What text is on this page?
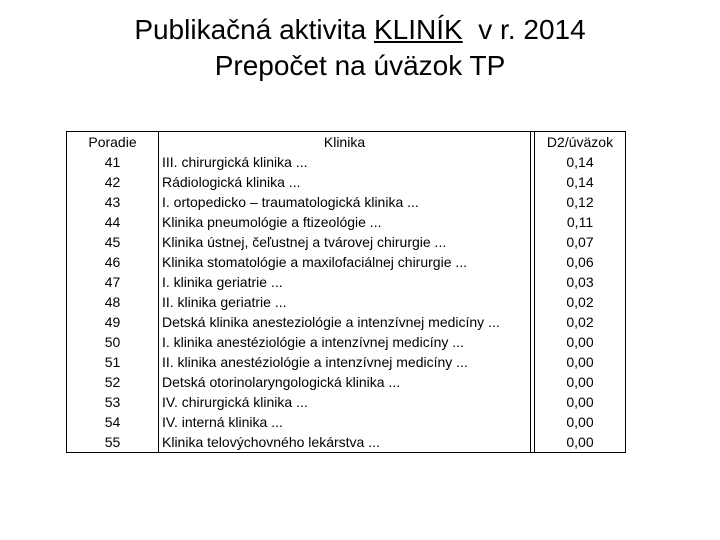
Publikačná aktivita KLINÍK  v r. 2014
Prepočet na úväzok TP
Poradie	Klinika		D2/úväzok
41	III. chirurgická klinika ...		0,14
42	Rádiologická klinika ...		0,14
43	I. ortopedicko – traumatologická klinika ...		0,12
44	Klinika pneumológie a ftizeológie ...		0,11
45	Klinika ústnej, čeľustnej a tvárovej chirurgie ...		0,07
46	Klinika stomatológie a maxilofaciálnej chirurgie ...		0,06
47	I. klinika geriatrie ...		0,03
48	II. klinika geriatrie ...		0,02
49	Detská klinika anesteziológie a intenzívnej medicíny ...		0,02
50	I. klinika anestéziológie a intenzívnej medicíny ...		0,00
51	II. klinika anestéziológie a intenzívnej medicíny ...		0,00
52	Detská otorinolaryngologická klinika ...		0,00
53	IV. chirurgická klinika ...		0,00
54	IV. interná klinika ...		0,00
55	Klinika telovýchovného lekárstva ...		0,00
